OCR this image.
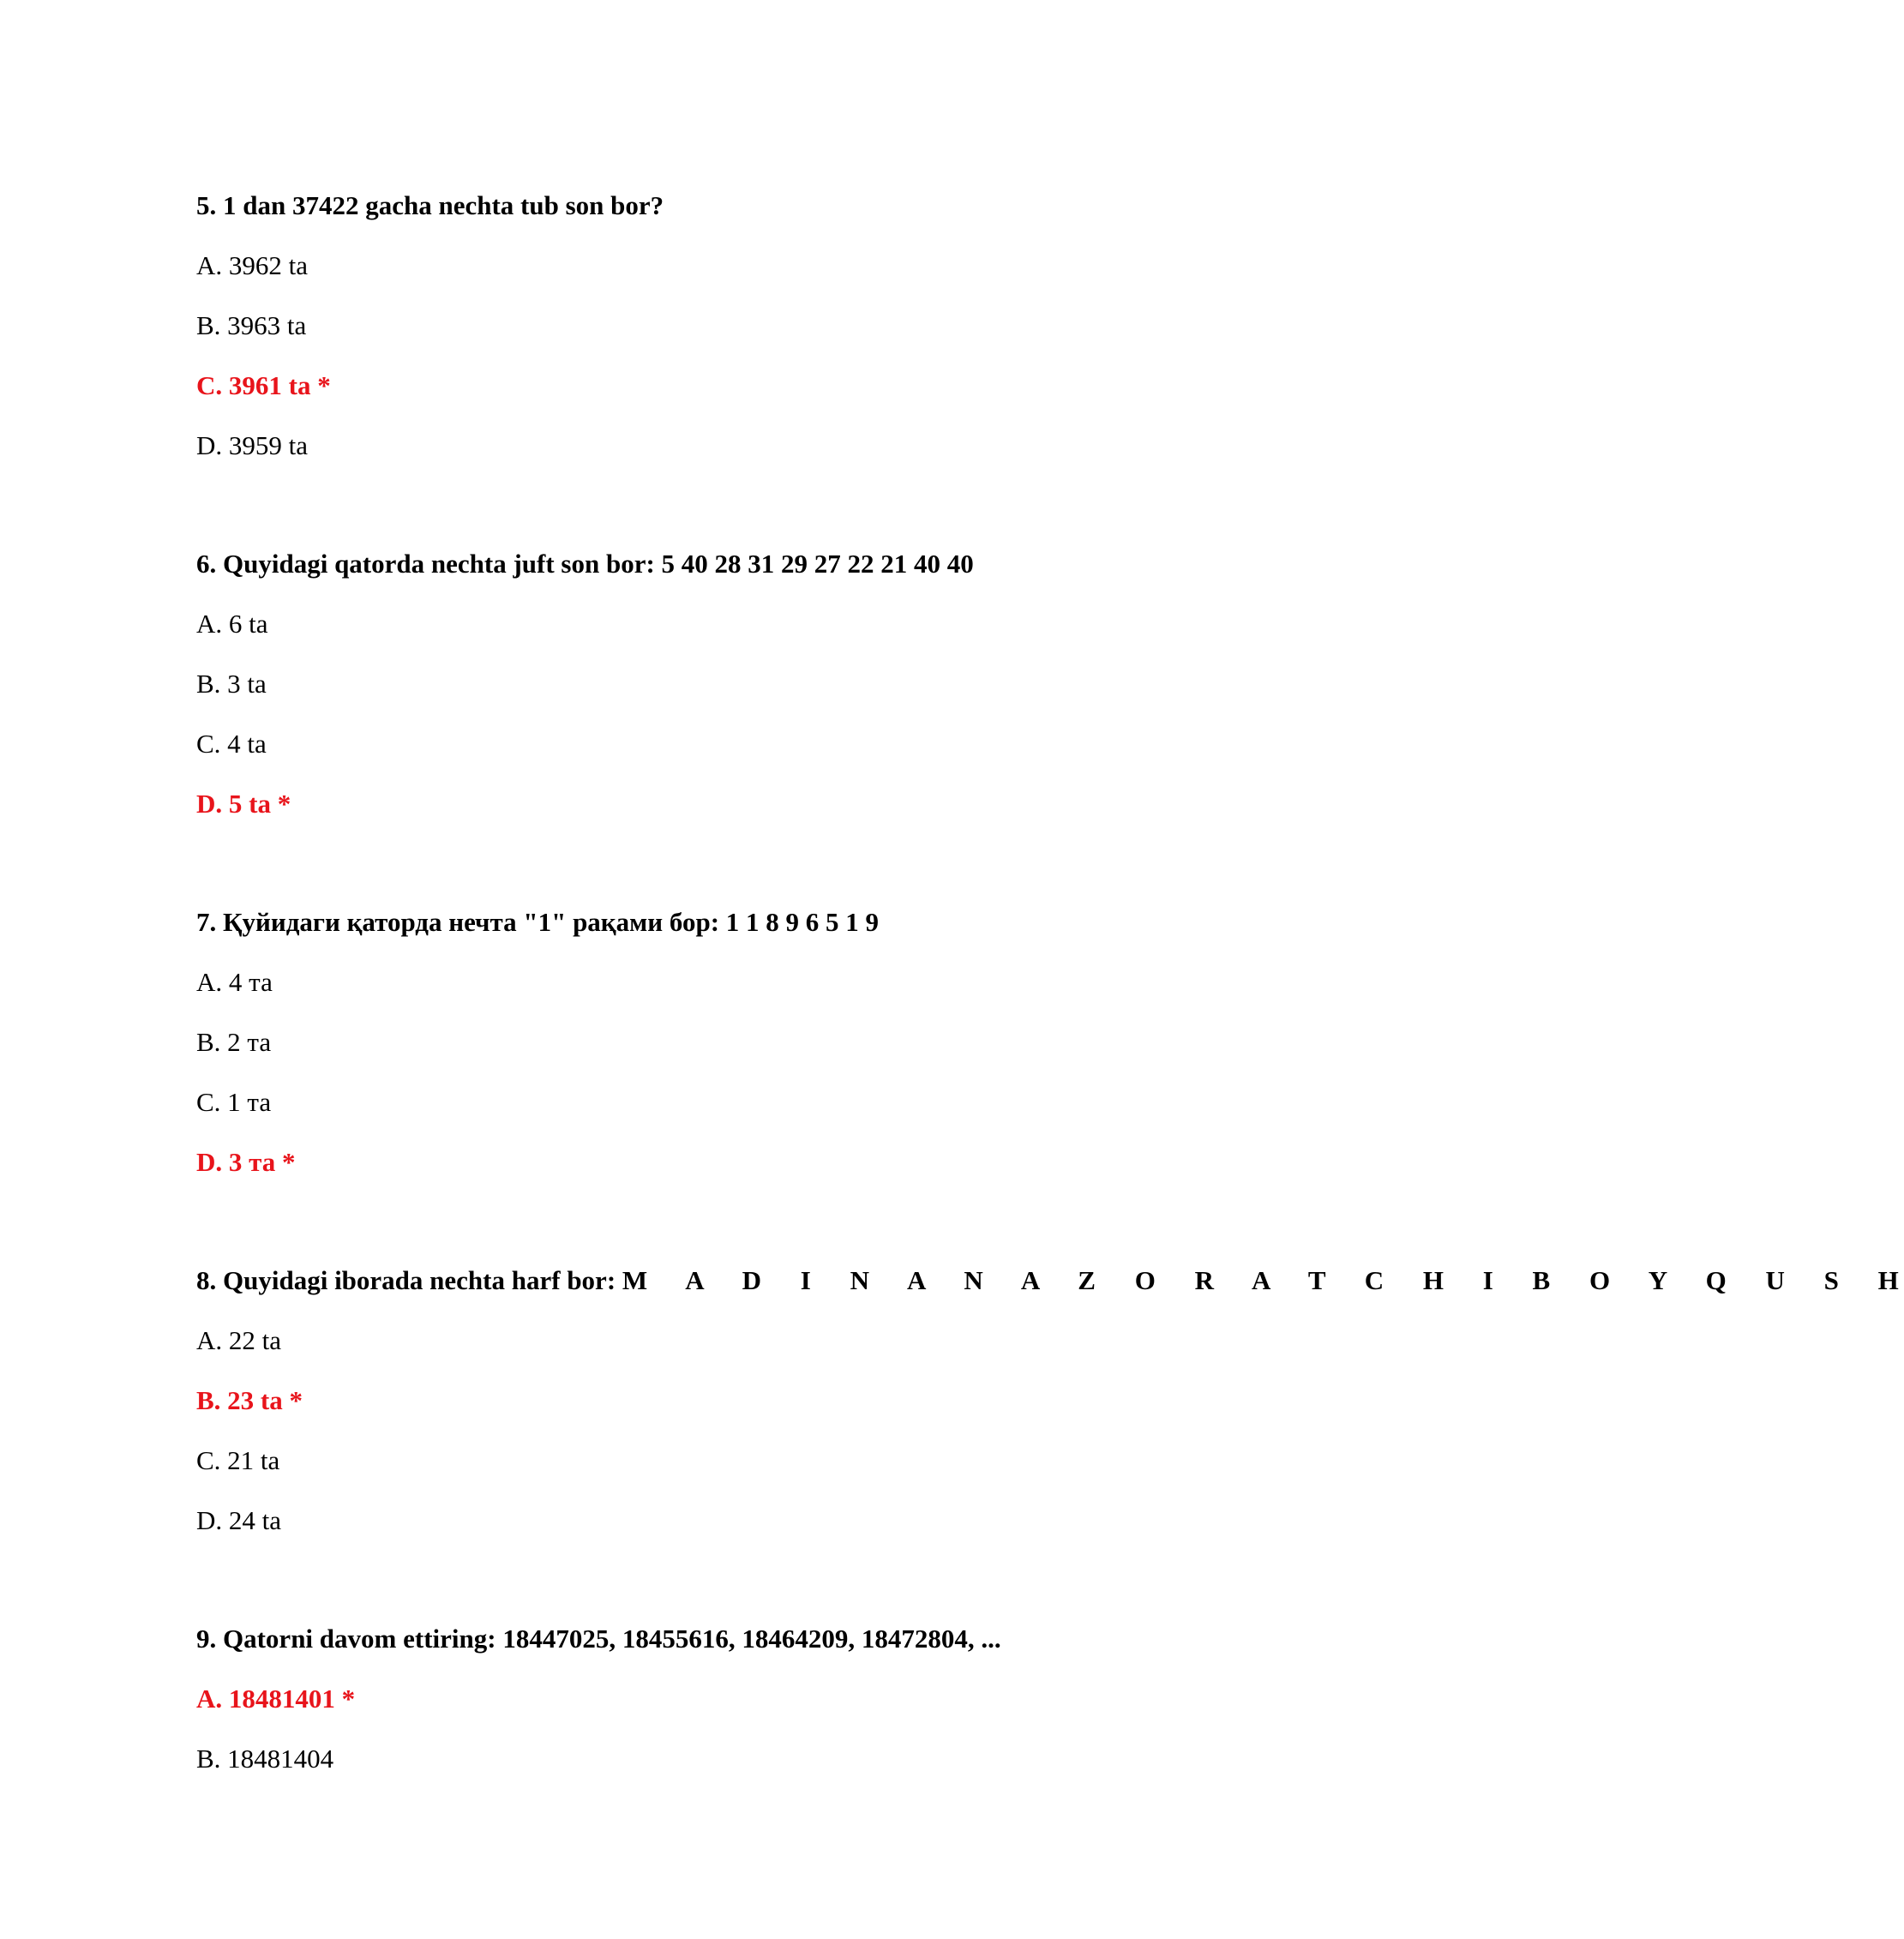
5. 1 dan 37422 gacha nechta tub son bor?
A. 3962 ta
B. 3963 ta
C. 3961 ta *
D. 3959 ta
6. Quyidagi qatorda nechta juft son bor: 5 40 28 31 29 27 22 21 40 40
A. 6 ta
B. 3 ta
C. 4 ta
D. 5 ta *
7. Қуйидаги қаторда нечта "1" рақами бор: 1 1 8 9 6 5 1 9
A. 4 та
B. 2 та
C. 1 та
D. 3 та *
8. Quyidagi iborada nechta harf bor: M A D I N A N A Z O R A T C H I B O Y Q U S H
A. 22 ta
B. 23 ta *
C. 21 ta
D. 24 ta
9. Qatorni davom ettiring: 18447025, 18455616, 18464209, 18472804, ...
A. 18481401 *
B. 18481404
